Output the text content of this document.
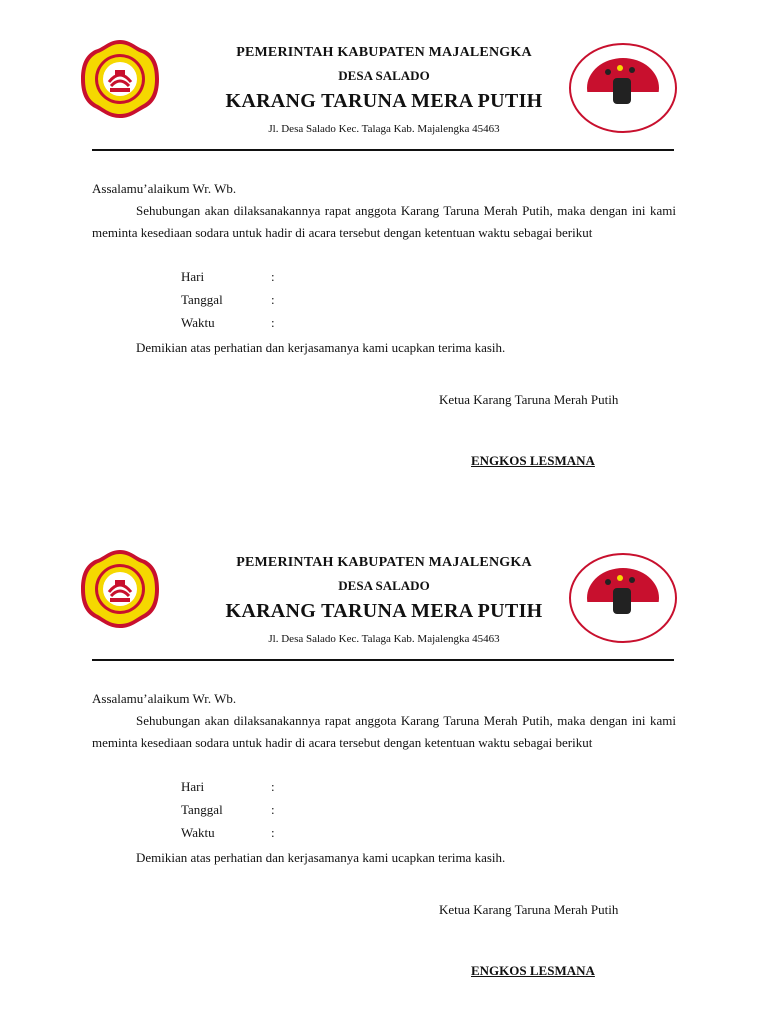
PEMERINTAH KABUPATEN MAJALENGKA
DESA SALADO
KARANG TARUNA MERA PUTIH
Jl. Desa Salado Kec. Talaga Kab. Majalengka 45463
Assalamu’alaikum Wr. Wb.
Sehubungan akan dilaksanakannya rapat anggota Karang Taruna Merah Putih, maka dengan ini kami meminta kesediaan sodara untuk hadir di acara tersebut dengan ketentuan waktu sebagai berikut
Hari	:
Tanggal	:
Waktu	:
Demikian atas perhatian dan kerjasamanya kami ucapkan terima kasih.
Ketua Karang Taruna Merah Putih
ENGKOS LESMANA
PEMERINTAH KABUPATEN MAJALENGKA
DESA SALADO
KARANG TARUNA MERA PUTIH
Jl. Desa Salado Kec. Talaga Kab. Majalengka 45463
Assalamu’alaikum Wr. Wb.
Sehubungan akan dilaksanakannya rapat anggota Karang Taruna Merah Putih, maka dengan ini kami meminta kesediaan sodara untuk hadir di acara tersebut dengan ketentuan waktu sebagai berikut
Hari	:
Tanggal	:
Waktu	:
Demikian atas perhatian dan kerjasamanya kami ucapkan terima kasih.
Ketua Karang Taruna Merah Putih
ENGKOS LESMANA
